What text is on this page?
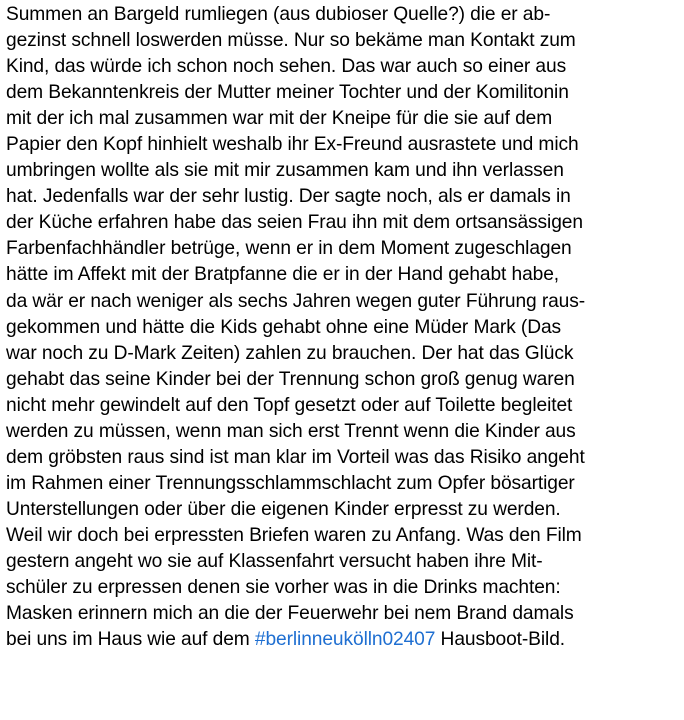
Summen an Bargeld rumliegen (aus dubioser Quelle?) die er ab-
gezinst schnell loswerden müsse. Nur so bekäme man Kontakt zum
Kind, das würde ich schon noch sehen. Das war auch so einer aus
dem Bekanntenkreis der Mutter meiner Tochter und der Komilitonin
mit der ich mal zusammen war mit der Kneipe für die sie auf dem
Papier den Kopf hinhielt weshalb ihr Ex-Freund ausrastete und mich
umbringen wollte als sie mit mir zusammen kam und ihn verlassen
hat. Jedenfalls war der sehr lustig. Der sagte noch, als er damals in
der Küche erfahren habe das seien Frau ihn mit dem ortsansässigen
Farbenfachhändler betrüge, wenn er in dem Moment zugeschlagen
hätte im Affekt mit der Bratpfanne die er in der Hand gehabt habe,
da wär er nach weniger als sechs Jahren wegen guter Führung raus-
gekommen und hätte die Kids gehabt ohne eine Müder Mark (Das
war noch zu D-Mark Zeiten) zahlen zu brauchen. Der hat das Glück
gehabt das seine Kinder bei der Trennung schon groß genug waren
nicht mehr gewindelt auf den Topf gesetzt oder auf Toilette begleitet
werden zu müssen, wenn man sich erst Trennt wenn die Kinder aus
dem gröbsten raus sind ist man klar im Vorteil was das Risiko angeht
im Rahmen einer Trennungsschlammschlacht zum Opfer bösartiger
Unterstellungen oder über die eigenen Kinder erpresst zu werden.
Weil wir doch bei erpressten Briefen waren zu Anfang. Was den Film
gestern angeht wo sie auf Klassenfahrt versucht haben ihre Mit-
schüler zu erpressen denen sie vorher was in die Drinks machten:
Masken erinnern mich an die der Feuerwehr bei nem Brand damals
bei uns im Haus wie auf dem #berlinneukölln02407 Hausboot-Bild.
